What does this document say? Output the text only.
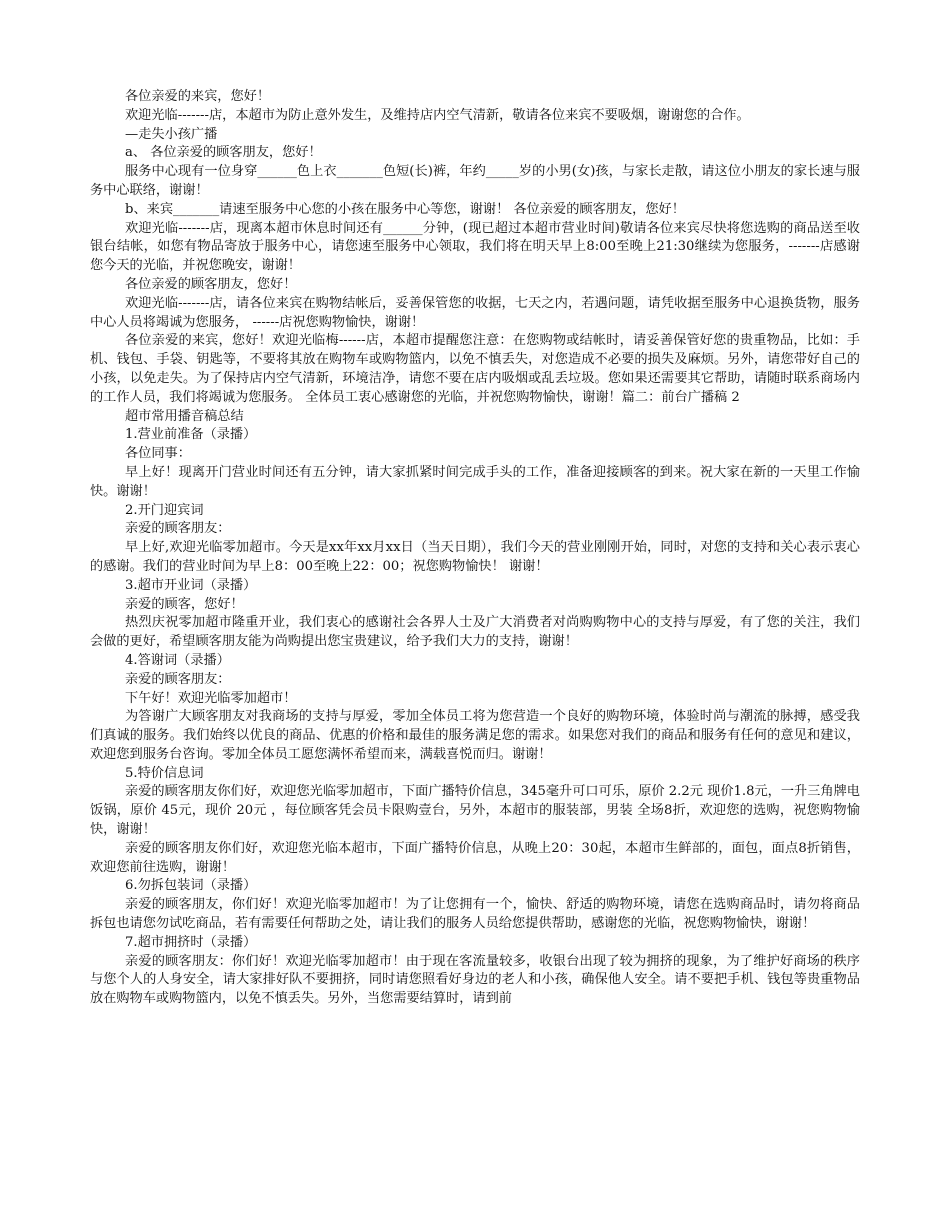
各位亲爱的来宾，您好！

欢迎光临-------店，本超市为防止意外发生，及维持店内空气清新，敬请各位来宾不要吸烟，谢谢您的合作。

—走失小孩广播

a、 各位亲爱的顾客朋友，您好！

服务中心现有一位身穿______色上衣_______色短(长)裤，年约_____岁的小男(女)孩，与家长走散，请这位小朋友的家长速与服务中心联络，谢谢！

b、来宾_______请速至服务中心您的小孩在服务中心等您，谢谢！ 各位亲爱的顾客朋友，您好！

欢迎光临-------店，现离本超市休息时间还有______分钟，(现已超过本超市营业时间)敬请各位来宾尽快将您选购的商品送至收银台结帐，如您有物品寄放于服务中心，请您速至服务中心领取，我们将在明天早上8:00至晚上21:30继续为您服务，-------店感谢您今天的光临，并祝您晚安，谢谢！

各位亲爱的顾客朋友，您好！

欢迎光临-------店，请各位来宾在购物结帐后，妥善保管您的收据，七天之内，若遇问题，请凭收据至服务中心退换货物，服务中心人员将竭诚为您服务， ------店祝您购物愉快，谢谢！

各位亲爱的来宾，您好！欢迎光临梅------店，本超市提醒您注意：在您购物或结帐时，请妥善保管好您的贵重物品，比如：手机、钱包、手袋、钥匙等，不要将其放在购物车或购物篮内，以免不慎丢失，对您造成不必要的损失及麻烦。另外，请您带好自己的小孩，以免走失。为了保持店内空气清新，环境洁净，请您不要在店内吸烟或乱丢垃圾。您如果还需要其它帮助，请随时联系商场内的工作人员，我们将竭诚为您服务。 全体员工衷心感谢您的光临，并祝您购物愉快，谢谢！篇二：前台广播稿 2

超市常用播音稿总结

1.营业前准备（录播）

各位同事：

早上好！现离开门营业时间还有五分钟，请大家抓紧时间完成手头的工作，准备迎接顾客的到来。祝大家在新的一天里工作愉快。谢谢！

2.开门迎宾词

亲爱的顾客朋友：

早上好,欢迎光临零加超市。今天是xx年xx月xx日（当天日期），我们今天的营业刚刚开始，同时，对您的支持和关心表示衷心的感谢。我们的营业时间为早上8：00至晚上22：00；祝您购物愉快！ 谢谢！

3.超市开业词（录播）

亲爱的顾客，您好！

热烈庆祝零加超市隆重开业，我们衷心的感谢社会各界人士及广大消费者对尚购购物中心的支持与厚爱，有了您的关注，我们会做的更好，希望顾客朋友能为尚购提出您宝贵建议，给予我们大力的支持，谢谢！

4.答谢词（录播）

亲爱的顾客朋友：

下午好！欢迎光临零加超市！

为答谢广大顾客朋友对我商场的支持与厚爱，零加全体员工将为您营造一个良好的购物环境，体验时尚与潮流的脉搏，感受我们真诚的服务。我们始终以优良的商品、优惠的价格和最佳的服务满足您的需求。如果您对我们的商品和服务有任何的意见和建议，欢迎您到服务台咨询。零加全体员工愿您满怀希望而来，满载喜悦而归。谢谢！

5.特价信息词

亲爱的顾客朋友你们好，欢迎您光临零加超市，下面广播特价信息，345毫升可口可乐，原价 2.2元 现价1.8元，一升三角牌电饭锅，原价 45元，现价 20元 ，每位顾客凭会员卡限购壹台，另外，本超市的服装部，男装 全场8折，欢迎您的选购，祝您购物愉快，谢谢！

亲爱的顾客朋友你们好，欢迎您光临本超市，下面广播特价信息，从晚上20：30起，本超市生鲜部的，面包，面点8折销售，欢迎您前往选购，谢谢！

6.勿拆包装词（录播）

亲爱的顾客朋友，你们好！欢迎光临零加超市！为了让您拥有一个，愉快、舒适的购物环境，请您在选购商品时，请勿将商品拆包也请您勿试吃商品，若有需要任何帮助之处，请让我们的服务人员给您提供帮助，感谢您的光临，祝您购物愉快，谢谢！

7.超市拥挤时（录播）

亲爱的顾客朋友：你们好！欢迎光临零加超市！由于现在客流量较多，收银台出现了较为拥挤的现象，为了维护好商场的秩序与您个人的人身安全，请大家排好队不要拥挤，同时请您照看好身边的老人和小孩，确保他人安全。请不要把手机、钱包等贵重物品放在购物车或购物篮内，以免不慎丢失。另外，当您需要结算时，请到前
